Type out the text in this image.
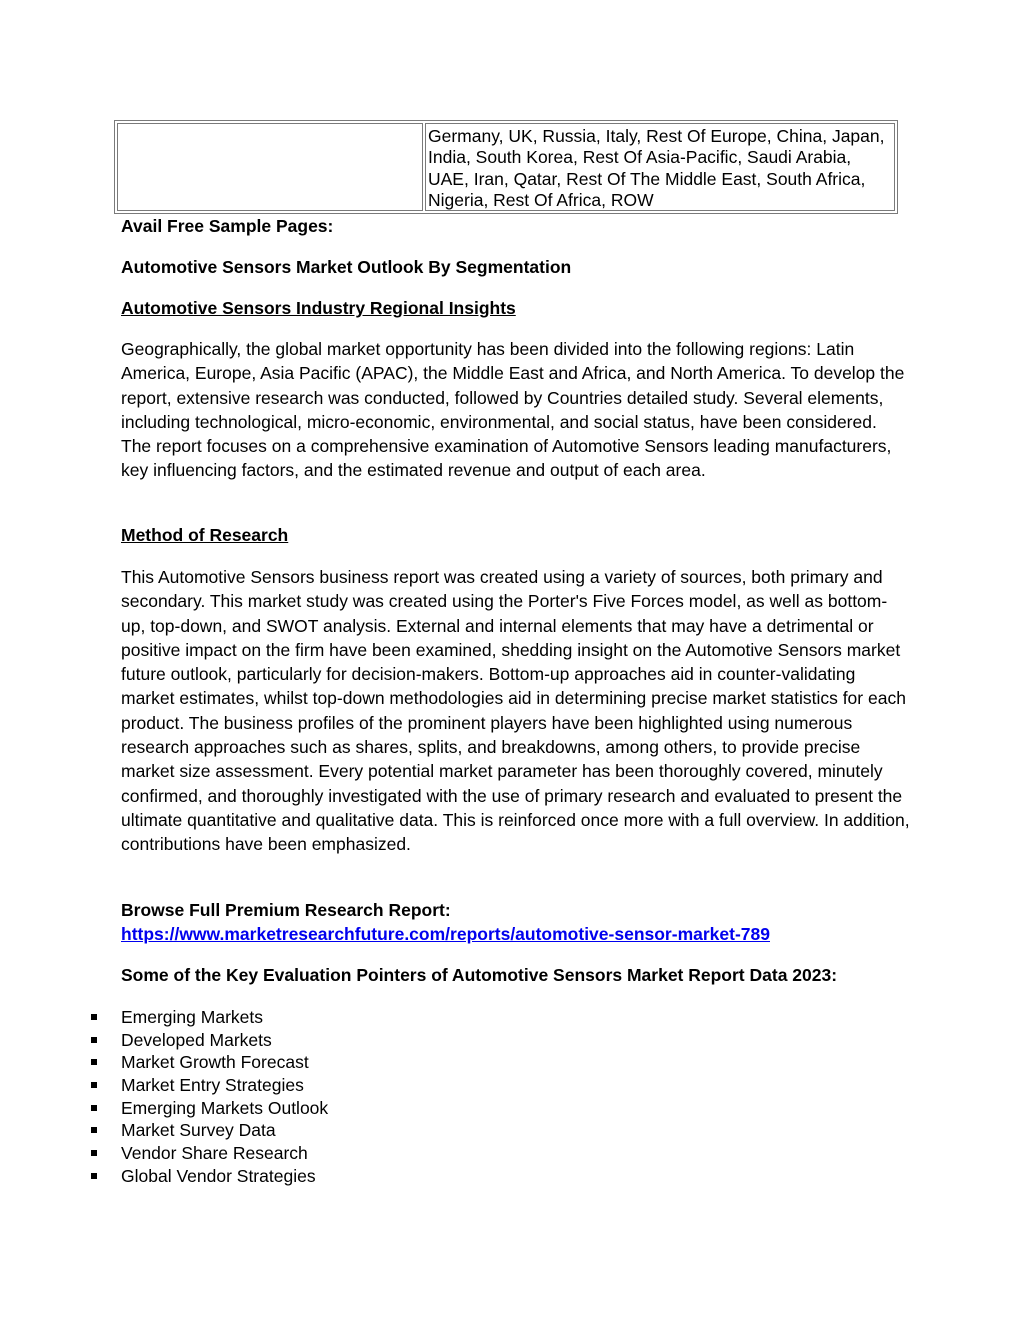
Germany, UK, Russia, Italy, Rest Of Europe, China, Japan, India, South Korea, Rest Of Asia-Pacific, Saudi Arabia, UAE, Iran, Qatar, Rest Of The Middle East, South Africa, Nigeria, Rest Of Africa, ROW
Avail Free Sample Pages:
Automotive Sensors Market Outlook By Segmentation
Automotive Sensors Industry Regional Insights
Geographically, the global market opportunity has been divided into the following regions: Latin America, Europe, Asia Pacific (APAC), the Middle East and Africa, and North America. To develop the report, extensive research was conducted, followed by Countries detailed study. Several elements, including technological, micro-economic, environmental, and social status, have been considered. The report focuses on a comprehensive examination of Automotive Sensors leading manufacturers, key influencing factors, and the estimated revenue and output of each area.
Method of Research
This Automotive Sensors business report was created using a variety of sources, both primary and secondary. This market study was created using the Porter's Five Forces model, as well as bottom-up, top-down, and SWOT analysis. External and internal elements that may have a detrimental or positive impact on the firm have been examined, shedding insight on the Automotive Sensors market future outlook, particularly for decision-makers. Bottom-up approaches aid in counter-validating market estimates, whilst top-down methodologies aid in determining precise market statistics for each product. The business profiles of the prominent players have been highlighted using numerous research approaches such as shares, splits, and breakdowns, among others, to provide precise market size assessment. Every potential market parameter has been thoroughly covered, minutely confirmed, and thoroughly investigated with the use of primary research and evaluated to present the ultimate quantitative and qualitative data. This is reinforced once more with a full overview. In addition, contributions have been emphasized.
Browse Full Premium Research Report:
https://www.marketresearchfuture.com/reports/automotive-sensor-market-789
Some of the Key Evaluation Pointers of Automotive Sensors Market Report Data 2023:
Emerging Markets
Developed Markets
Market Growth Forecast
Market Entry Strategies
Emerging Markets Outlook
Market Survey Data
Vendor Share Research
Global Vendor Strategies
